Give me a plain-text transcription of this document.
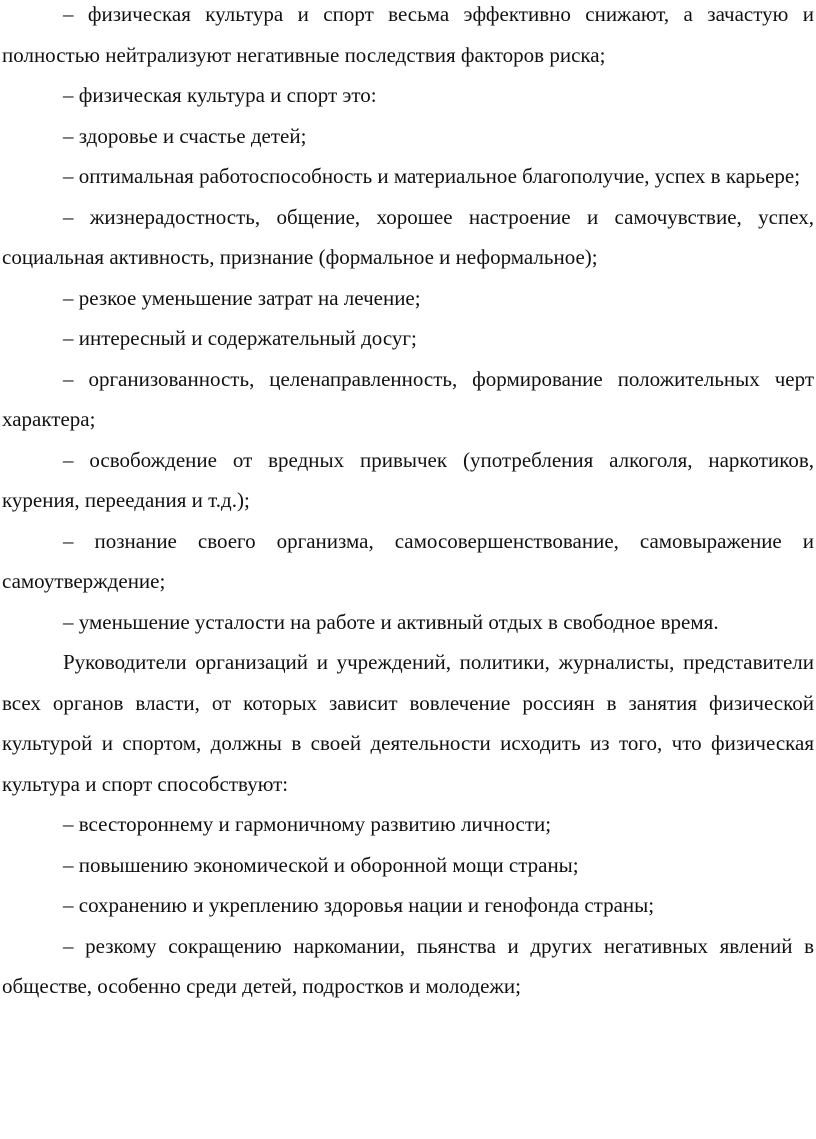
– физическая культура и спорт весьма эффективно снижают, а зачастую и полностью нейтрализуют негативные последствия факторов риска;

– физическая культура и спорт это:

– здоровье и счастье детей;

– оптимальная работоспособность и материальное благополучие, успех в карьере;

– жизнерадостность, общение, хорошее настроение и самочувствие, успех, социальная активность, признание (формальное и неформальное);

– резкое уменьшение затрат на лечение;

– интересный и содержательный досуг;

– организованность, целенаправленность, формирование положительных черт характера;

– освобождение от вредных привычек (употребления алкоголя, наркотиков, курения, переедания и т.д.);

– познание своего организма, самосовершенствование, самовыражение и самоутверждение;

– уменьшение усталости на работе и активный отдых в свободное время.

Руководители организаций и учреждений, политики, журналисты, представители всех органов власти, от которых зависит вовлечение россиян в занятия физической культурой и спортом, должны в своей деятельности исходить из того, что физическая культура и спорт способствуют:

– всестороннему и гармоничному развитию личности;

– повышению экономической и оборонной мощи страны;

– сохранению и укреплению здоровья нации и генофонда страны;

– резкому сокращению наркомании, пьянства и других негативных явлений в обществе, особенно среди детей, подростков и молодежи;
